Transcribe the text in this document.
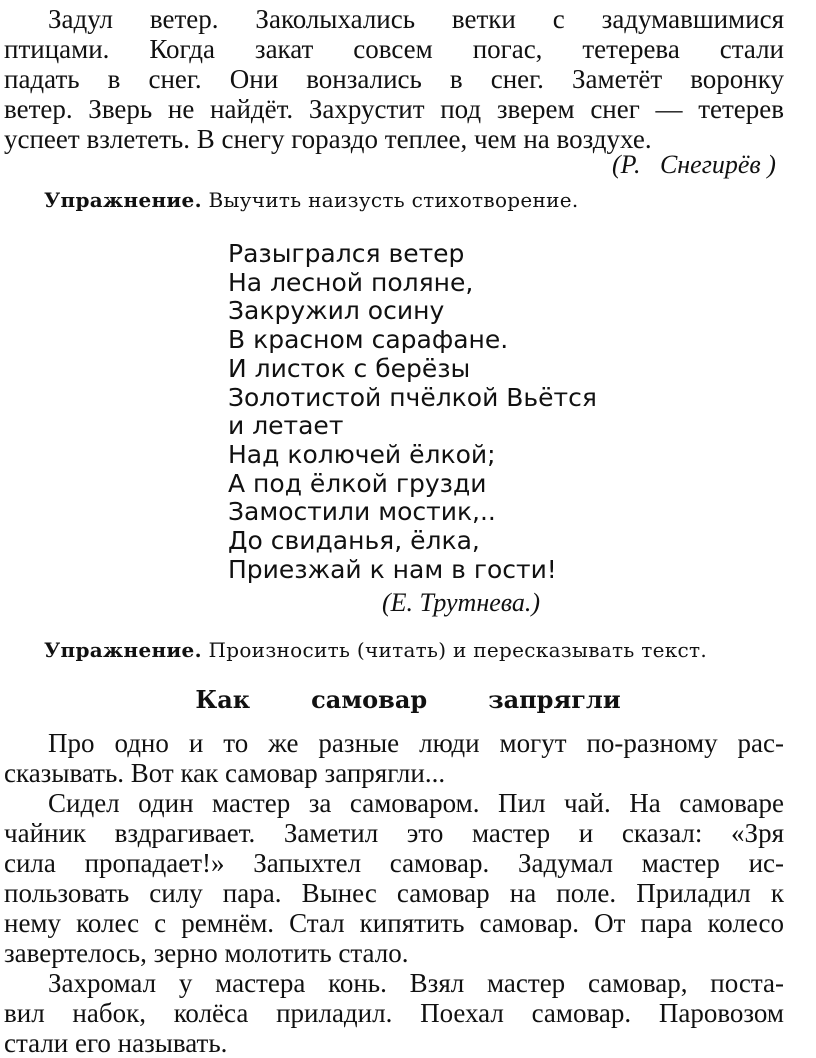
Задул ветер. Заколыхались ветки с задумавшимися

птицами. Когда закат совсем погас, тетерева стали

падать в снег. Они вонзались в снег. Заметёт воронку

ветер. Зверь не найдёт. Захрустит под зверем снег — тетерев

успеет взлететь. В снегу гораздо теплее, чем на воздухе.

(Р.   Снегирёв )
Упражнение. Выучить наизусть стихотворение.
Разыгрался ветер
На лесной поляне,
Закружил осину
В красном сарафане.
И листок с берёзы
Золотистой пчёлкой Вьётся
и летает
Над колючей ёлкой;
А под ёлкой грузди
Замостили мостик,..
До свиданья, ёлка,
Приезжай к нам в гости!
(Е. Трутнева.)
Упражнение. Произносить (читать) и пересказывать текст.
Как   самовар   запрягли

Про одно и то же разные люди могут по-разному рас-

сказывать. Вот как самовар запрягли...

Сидел один мастер за самоваром. Пил чай. На самоваре

чайник вздрагивает. Заметил это мастер и сказал: «Зря

сила пропадает!» Запыхтел самовар. Задумал мастер ис-

пользовать силу пара. Вынес самовар на поле. Приладил к

нему колес с ремнём. Стал кипятить самовар. От пара колесо

завертелось, зерно молотить стало.

Захромал у мастера конь. Взял мастер самовар, поста-

вил набок, колёса приладил. Поехал самовар. Паровозом

стали его называть.
